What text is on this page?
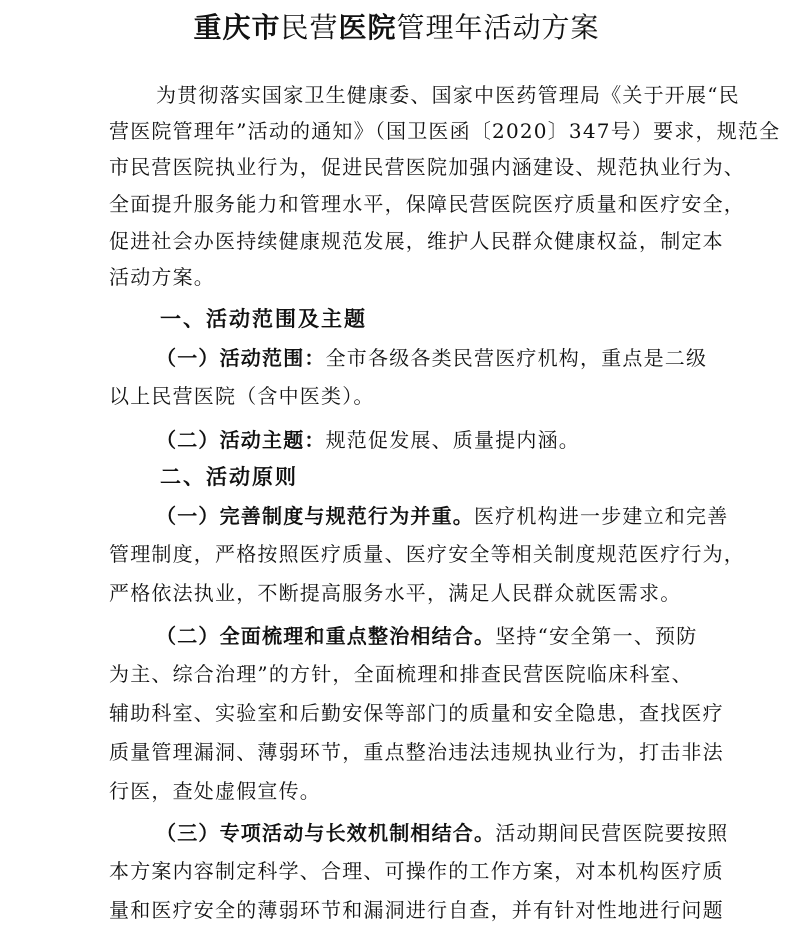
重庆市民营医院管理年活动方案
为贯彻落实国家卫生健康委、国家中医药管理局《关于开展“民
营医院管理年”活动的通知》（国卫医函〔2020〕347号）要求，规范全
市民营医院执业行为，促进民营医院加强内涵建设、规范执业行为、
全面提升服务能力和管理水平，保障民营医院医疗质量和医疗安全，
促进社会办医持续健康规范发展，维护人民群众健康权益，制定本
活动方案。
一、活动范围及主题
（一）活动范围：全市各级各类民营医疗机构，重点是二级
以上民营医院（含中医类）。
（二）活动主题：规范促发展、质量提内涵。
二、活动原则
（一）完善制度与规范行为并重。医疗机构进一步建立和完善
管理制度，严格按照医疗质量、医疗安全等相关制度规范医疗行为，
严格依法执业，不断提高服务水平，满足人民群众就医需求。
（二）全面梳理和重点整治相结合。坚持“安全第一、预防
为主、综合治理”的方针，全面梳理和排查民营医院临床科室、
辅助科室、实验室和后勤安保等部门的质量和安全隐患，查找医疗
质量管理漏洞、薄弱环节，重点整治违法违规执业行为，打击非法
行医，查处虚假宣传。
（三）专项活动与长效机制相结合。活动期间民营医院要按照
本方案内容制定科学、合理、可操作的工作方案，对本机构医疗质
量和医疗安全的薄弱环节和漏洞进行自查，并有针对性地进行问题
